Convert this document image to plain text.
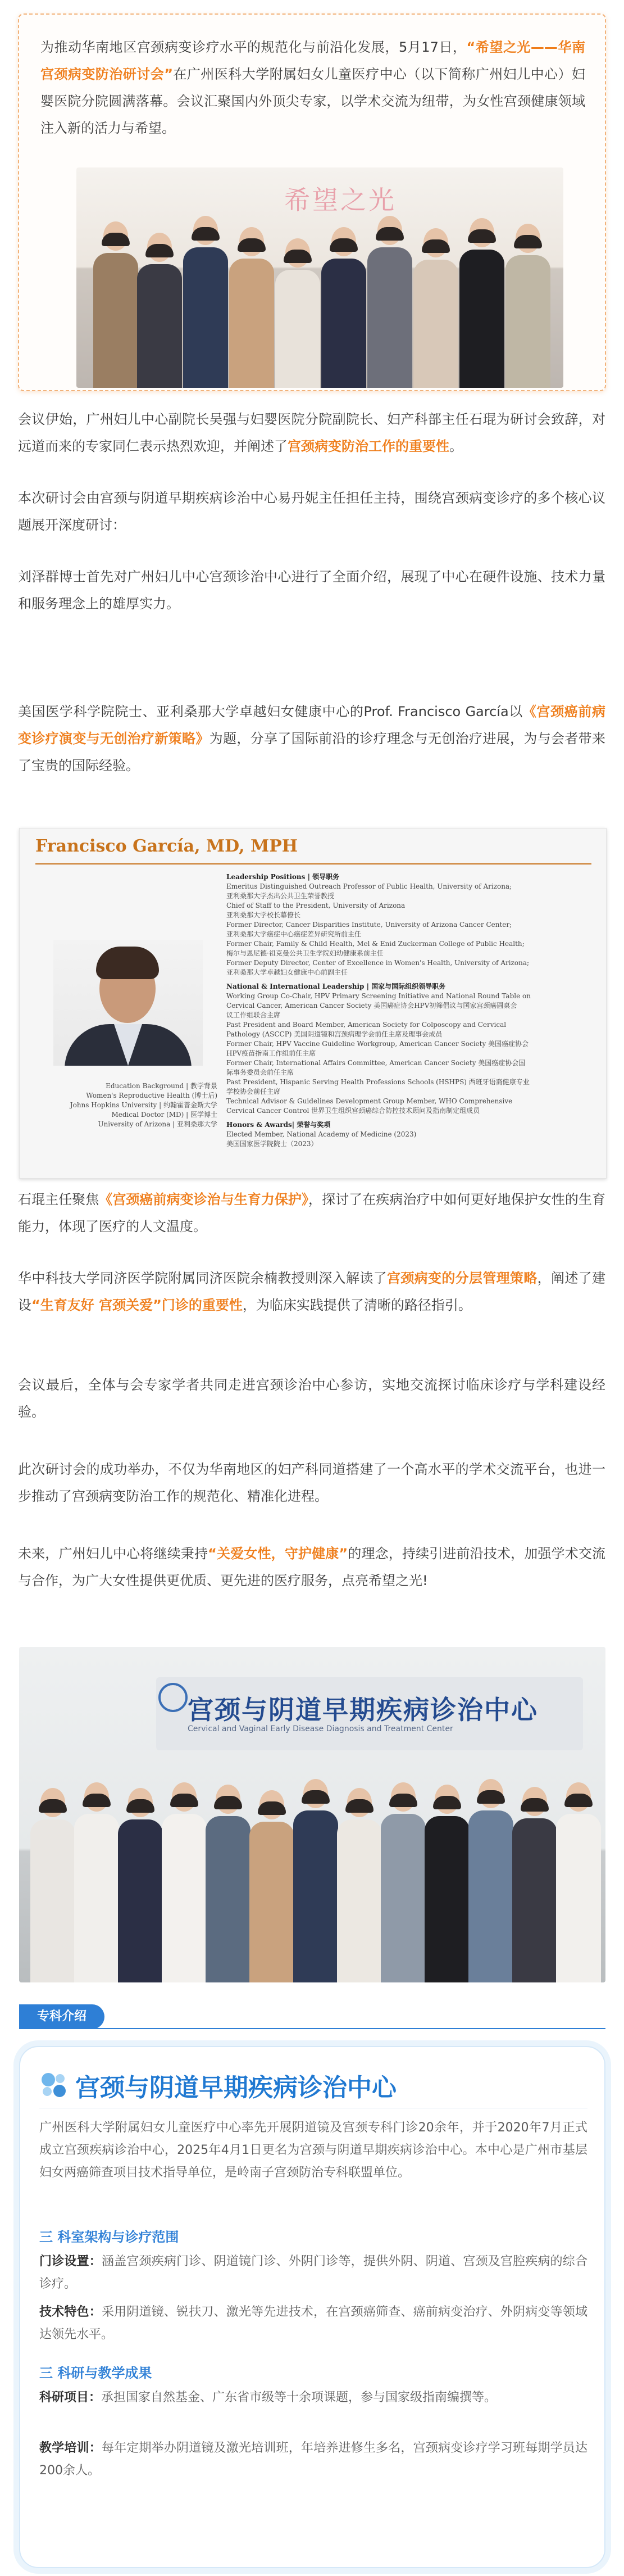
为推动华南地区宫颈病变诊疗水平的规范化与前沿化发展，5月17日，“希望之光——华南宫颈病变防治研讨会”在广州医科大学附属妇女儿童医疗中心（以下简称广州妇儿中心）妇婴医院分院圆满落幕。会议汇聚国内外顶尖专家，以学术交流为纽带，为女性宫颈健康领域注入新的活力与希望。

希望之光

会议伊始，广州妇儿中心副院长吴强与妇婴医院分院副院长、妇产科部主任石琨为研讨会致辞，对远道而来的专家同仁表示热烈欢迎，并阐述了宫颈病变防治工作的重要性。

本次研讨会由宫颈与阴道早期疾病诊治中心易丹妮主任担任主持，围绕宫颈病变诊疗的多个核心议题展开深度研讨：

刘泽群博士首先对广州妇儿中心宫颈诊治中心进行了全面介绍，展现了中心在硬件设施、技术力量和服务理念上的雄厚实力。

美国医学科学院院士、亚利桑那大学卓越妇女健康中心的Prof. Francisco García以《宫颈癌前病变诊疗演变与无创治疗新策略》为题，分享了国际前沿的诊疗理念与无创治疗进展，为与会者带来了宝贵的国际经验。

Francisco García, MD, MPH
Education Background | 教学背景
Women's Reproductive Health (博士后)
Johns Hopkins University | 约翰霍普金斯大学
Medical Doctor (MD) | 医学博士
University of Arizona | 亚利桑那大学
Leadership Positions | 领导职务

Emeritus Distinguished Outreach Professor of Public Health, University of Arizona;

亚利桑那大学杰出公共卫生荣誉教授

Chief of Staff to the President, University of Arizona

亚利桑那大学校长幕僚长

Former Director, Cancer Disparities Institute, University of Arizona Cancer Center;

亚利桑那大学癌症中心癌症差异研究所前主任

Former Chair, Family & Child Health, Mel & Enid Zuckerman College of Public Health;

梅尔与恩尼德·祖克曼公共卫生学院妇幼健康系前主任

Former Deputy Director, Center of Excellence in Women's Health, University of Arizona;

亚利桑那大学卓越妇女健康中心前副主任

National & International Leadership | 国家与国际组织领导职务

Working Group Co-Chair, HPV Primary Screening Initiative and National Round Table on

Cervical Cancer, American Cancer Society 美国癌症协会HPV初筛倡议与国家宫颈癌圆桌会

议工作组联合主席

Past President and Board Member, American Society for Colposcopy and Cervical

Pathology (ASCCP) 美国阴道镜和宫颈病理学会前任主席及理事会成员

Former Chair, HPV Vaccine Guideline Workgroup, American Cancer Society 美国癌症协会

HPV疫苗指南工作组前任主席

Former Chair, International Affairs Committee, American Cancer Society 美国癌症协会国

际事务委员会前任主席

Past President, Hispanic Serving Health Professions Schools (HSHPS) 西班牙语裔健康专业

学校协会前任主席

Technical Advisor & Guidelines Development Group Member, WHO Comprehensive

Cervical Cancer Control 世界卫生组织宫颈癌综合防控技术顾问及指南制定组成员

Honors & Awards| 荣誉与奖项

Elected Member, National Academy of Medicine (2023)

美国国家医学院院士（2023）

石琨主任聚焦《宫颈癌前病变诊治与生育力保护》，探讨了在疾病治疗中如何更好地保护女性的生育能力，体现了医疗的人文温度。

华中科技大学同济医学院附属同济医院余楠教授则深入解读了宫颈病变的分层管理策略，阐述了建设“生育友好 宫颈关爱”门诊的重要性，为临床实践提供了清晰的路径指引。

会议最后，全体与会专家学者共同走进宫颈诊治中心参访，实地交流探讨临床诊疗与学科建设经验。

此次研讨会的成功举办，不仅为华南地区的妇产科同道搭建了一个高水平的学术交流平台，也进一步推动了宫颈病变防治工作的规范化、精准化进程。

未来，广州妇儿中心将继续秉持“关爱女性，守护健康”的理念，持续引进前沿技术，加强学术交流与合作，为广大女性提供更优质、更先进的医疗服务，点亮希望之光!

宫颈与阴道早期疾病诊治中心
Cervical and Vaginal Early Disease Diagnosis and Treatment Center
专科介绍
宫颈与阴道早期疾病诊治中心

广州医科大学附属妇女儿童医疗中心率先开展阴道镜及宫颈专科门诊20余年，并于2020年7月正式成立宫颈疾病诊治中心，2025年4月1日更名为宫颈与阴道早期疾病诊治中心。本中心是广州市基层妇女两癌筛查项目技术指导单位，是岭南子宫颈防治专科联盟单位。

三 科室架构与诊疗范围

门诊设置：涵盖宫颈疾病门诊、阴道镜门诊、外阴门诊等，提供外阴、阴道、宫颈及宫腔疾病的综合诊疗。

技术特色：采用阴道镜、锐扶刀、激光等先进技术，在宫颈癌筛查、癌前病变治疗、外阴病变等领域达领先水平。

三 科研与教学成果

科研项目：承担国家自然基金、广东省市级等十余项课题，参与国家级指南编撰等。

教学培训：每年定期举办阴道镜及激光培训班，年培养进修生多名，宫颈病变诊疗学习班每期学员达200余人。
